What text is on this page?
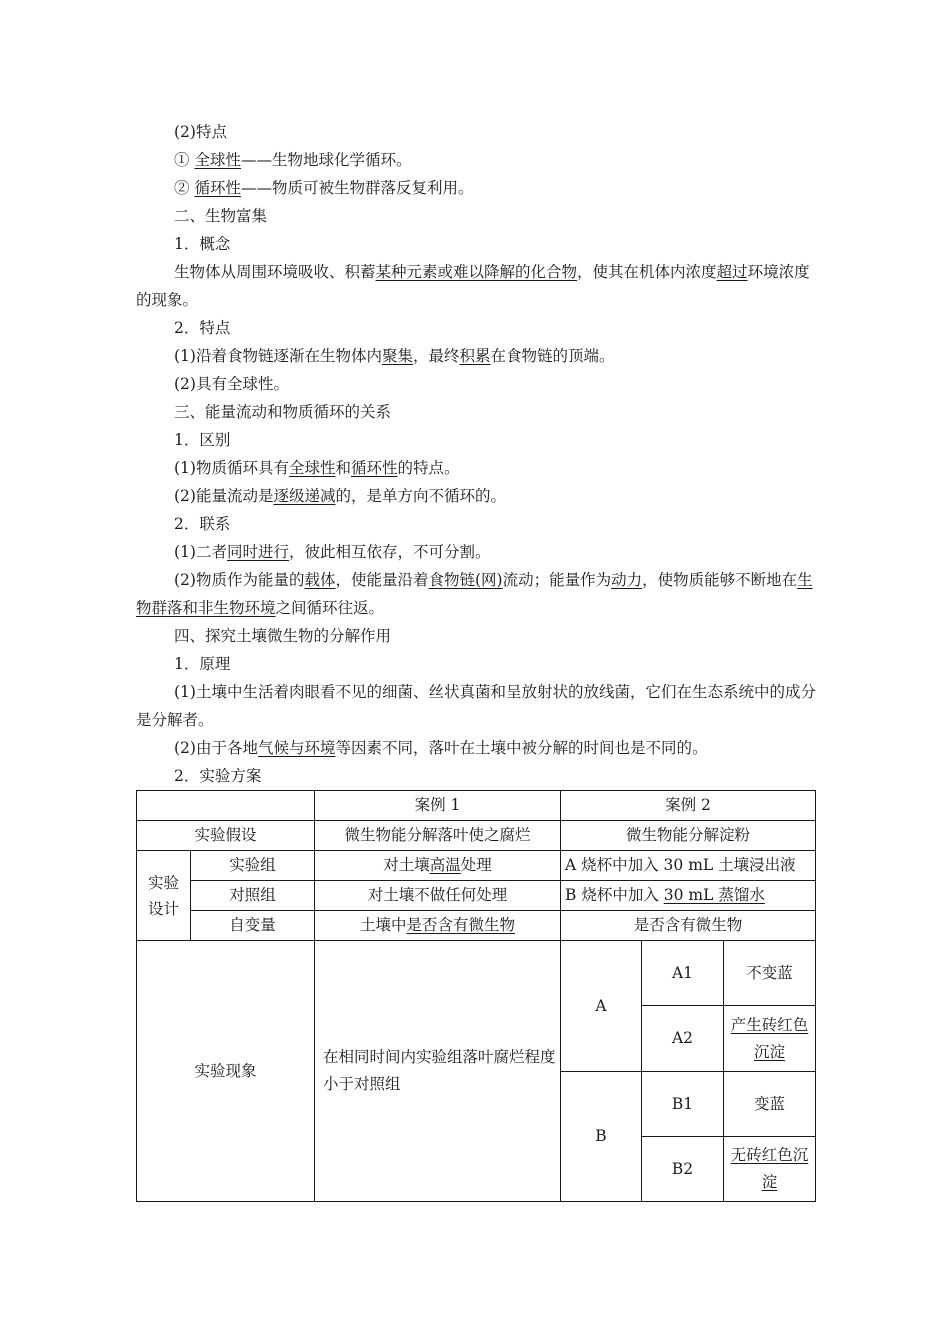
(2)特点
① 全球性——生物地球化学循环。
② 循环性——物质可被生物群落反复利用。
二、生物富集
1．概念
生物体从周围环境吸收、积蓄某种元素或难以降解的化合物，使其在机体内浓度超过环境浓度的现象。
2．特点
(1)沿着食物链逐渐在生物体内聚集，最终积累在食物链的顶端。
(2)具有全球性。
三、能量流动和物质循环的关系
1．区别
(1)物质循环具有全球性和循环性的特点。
(2)能量流动是逐级递减的，是单方向不循环的。
2．联系
(1)二者同时进行，彼此相互依存，不可分割。
(2)物质作为能量的载体，使能量沿着食物链(网)流动；能量作为动力，使物质能够不断地在生物群落和非生物环境之间循环往返。
四、探究土壤微生物的分解作用
1．原理
(1)土壤中生活着肉眼看不见的细菌、丝状真菌和呈放射状的放线菌，它们在生态系统中的成分是分解者。
(2)由于各地气候与环境等因素不同，落叶在土壤中被分解的时间也是不同的。
2．实验方案
		案例 1	案例 2		
实验假设		微生物能分解落叶使之腐烂	微生物能分解淀粉		
实验设计	实验组	对土壤高温处理	A 烧杯中加入 30 mL 土壤浸出液		
	对照组	对土壤不做任何处理	B 烧杯中加入 30 mL 蒸馏水		
	自变量	土壤中是否含有微生物	是否含有微生物		
实验现象		在相同时间内实验组落叶腐烂程度小于对照组	A	A1	不变蓝
				A2	产生砖红色沉淀
			B	B1	变蓝
				B2	无砖红色沉淀
